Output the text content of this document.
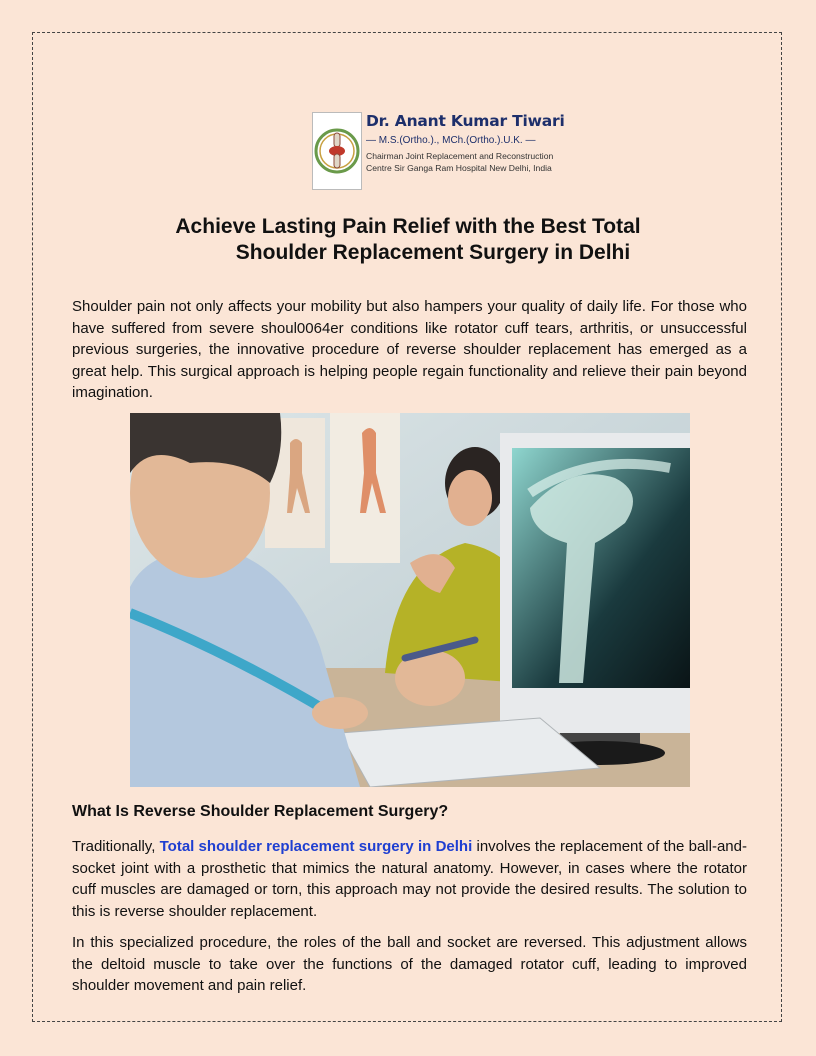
Dr. Anant Kumar Tiwari
— M.S.(Ortho.)., MCh.(Ortho.).U.K. —
Chairman Joint Replacement and Reconstruction
Centre Sir Ganga Ram Hospital New Delhi, India
Achieve Lasting Pain Relief with the Best Total
Shoulder Replacement Surgery in Delhi

Shoulder pain not only affects your mobility but also hampers your quality of daily life. For those who have suffered from severe shoul0064er conditions like rotator cuff tears, arthritis, or unsuccessful previous surgeries, the innovative procedure of reverse shoulder replacement has emerged as a great help. This surgical approach is helping people regain functionality and relieve their pain beyond imagination.

What Is Reverse Shoulder Replacement Surgery?

Traditionally, Total shoulder replacement surgery in Delhi involves the replacement of the ball-and-socket joint with a prosthetic that mimics the natural anatomy. However, in cases where the rotator cuff muscles are damaged or torn, this approach may not provide the desired results. The solution to this is reverse shoulder replacement.

In this specialized procedure, the roles of the ball and socket are reversed. This adjustment allows the deltoid muscle to take over the functions of the damaged rotator cuff, leading to improved shoulder movement and pain relief.
